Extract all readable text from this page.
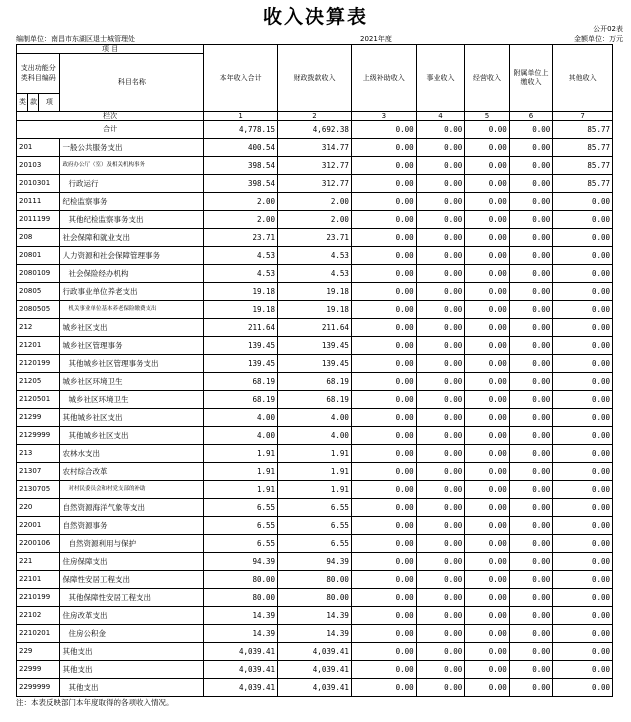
收入决算表
公开02表
编制单位：南昌市东湖区退士城管理处	2021年度	金额单位：万元
项 目				本年收入合计	财政拨款收入	上级补助收入	事业收入	经营收入	附属单位上缴收入	其他收入
支出功能分类科目编码			科目名称							
类	款	项								
栏次				1	2	3	4	5	6	7
合计				4,778.15	4,692.38	0.00	0.00	0.00	0.00	85.77
201			一般公共服务支出	400.54	314.77	0.00	0.00	0.00	0.00	85.77
20103			政府办公厅（室）及相关机构事务	398.54	312.77	0.00	0.00	0.00	0.00	85.77
2010301			行政运行	398.54	312.77	0.00	0.00	0.00	0.00	85.77
20111			纪检监察事务	2.00	2.00	0.00	0.00	0.00	0.00	0.00
2011199			其他纪检监察事务支出	2.00	2.00	0.00	0.00	0.00	0.00	0.00
208			社会保障和就业支出	23.71	23.71	0.00	0.00	0.00	0.00	0.00
20801			人力资源和社会保障管理事务	4.53	4.53	0.00	0.00	0.00	0.00	0.00
2080109			社会保险经办机构	4.53	4.53	0.00	0.00	0.00	0.00	0.00
20805			行政事业单位养老支出	19.18	19.18	0.00	0.00	0.00	0.00	0.00
2080505			机关事业单位基本养老保险缴费支出	19.18	19.18	0.00	0.00	0.00	0.00	0.00
212			城乡社区支出	211.64	211.64	0.00	0.00	0.00	0.00	0.00
21201			城乡社区管理事务	139.45	139.45	0.00	0.00	0.00	0.00	0.00
2120199			其他城乡社区管理事务支出	139.45	139.45	0.00	0.00	0.00	0.00	0.00
21205			城乡社区环境卫生	68.19	68.19	0.00	0.00	0.00	0.00	0.00
2120501			城乡社区环境卫生	68.19	68.19	0.00	0.00	0.00	0.00	0.00
21299			其他城乡社区支出	4.00	4.00	0.00	0.00	0.00	0.00	0.00
2129999			其他城乡社区支出	4.00	4.00	0.00	0.00	0.00	0.00	0.00
213			农林水支出	1.91	1.91	0.00	0.00	0.00	0.00	0.00
21307			农村综合改革	1.91	1.91	0.00	0.00	0.00	0.00	0.00
2130705			对村民委员会和村党支部的补助	1.91	1.91	0.00	0.00	0.00	0.00	0.00
220			自然资源海洋气象等支出	6.55	6.55	0.00	0.00	0.00	0.00	0.00
22001			自然资源事务	6.55	6.55	0.00	0.00	0.00	0.00	0.00
2200106			自然资源利用与保护	6.55	6.55	0.00	0.00	0.00	0.00	0.00
221			住房保障支出	94.39	94.39	0.00	0.00	0.00	0.00	0.00
22101			保障性安居工程支出	80.00	80.00	0.00	0.00	0.00	0.00	0.00
2210199			其他保障性安居工程支出	80.00	80.00	0.00	0.00	0.00	0.00	0.00
22102			住房改革支出	14.39	14.39	0.00	0.00	0.00	0.00	0.00
2210201			住房公积金	14.39	14.39	0.00	0.00	0.00	0.00	0.00
229			其他支出	4,039.41	4,039.41	0.00	0.00	0.00	0.00	0.00
22999			其他支出	4,039.41	4,039.41	0.00	0.00	0.00	0.00	0.00
2299999			其他支出	4,039.41	4,039.41	0.00	0.00	0.00	0.00	0.00
注：本表反映部门本年度取得的各项收入情况。
